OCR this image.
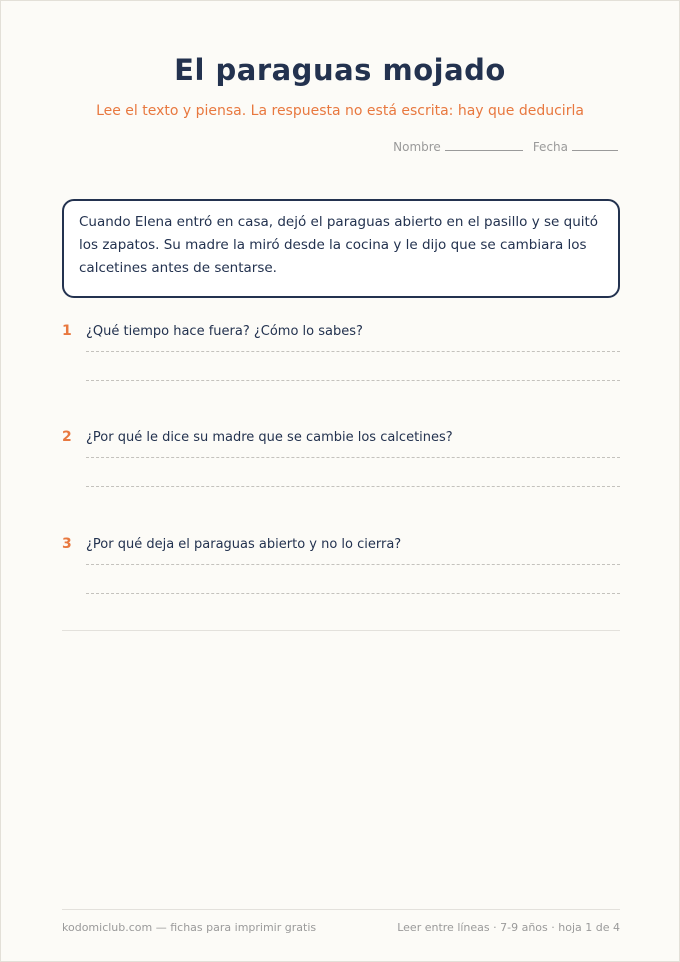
El paraguas mojado

Lee el texto y piensa. La respuesta no está escrita: hay que deducirla

Nombre	Fecha
Cuando Elena entró en casa, dejó el paraguas abierto en el pasillo y se quitó los zapatos. Su madre la miró desde la cocina y le dijo que se cambiara los calcetines antes de sentarse.
1	¿Qué tiempo hace fuera? ¿Cómo lo sabes?
2	¿Por qué le dice su madre que se cambie los calcetines?
3	¿Por qué deja el paraguas abierto y no lo cierra?
kodomiclub.com — fichas para imprimir gratis	Leer entre líneas · 7-9 años · hoja 1 de 4
